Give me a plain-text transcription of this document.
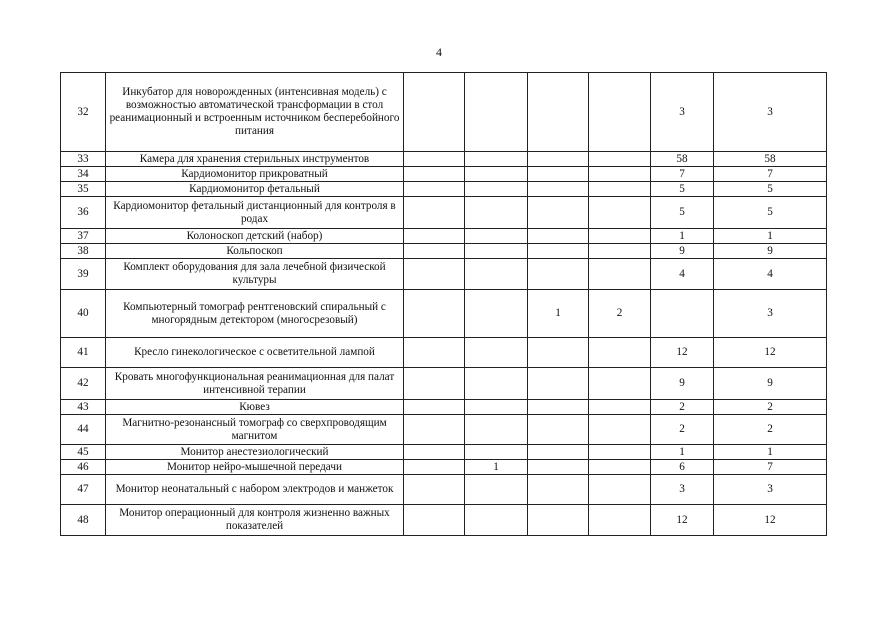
4
32	Инкубатор для новорожденных (интенсивная модель) с возможностью автоматической трансформации в стол реанимационный и встроенным источником бесперебойного питания					3	3
33	Камера для хранения стерильных инструментов					58	58
34	Кардиомонитор прикроватный					7	7
35	Кардиомонитор фетальный					5	5
36	Кардиомонитор фетальный дистанционный для контроля в родах					5	5
37	Колоноскоп детский (набор)					1	1
38	Кольпоскоп					9	9
39	Комплект оборудования для зала лечебной физической культуры					4	4
40	Компьютерный томограф рентгеновский спиральный с многорядным детектором (многосрезовый)			1	2		3
41	Кресло гинекологическое с осветительной лампой					12	12
42	Кровать многофункциональная реанимационная для палат интенсивной терапии					9	9
43	Кювез					2	2
44	Магнитно-резонансный томограф со сверхпроводящим магнитом					2	2
45	Монитор анестезиологический					1	1
46	Монитор нейро-мышечной передачи		1			6	7
47	Монитор неонатальный с набором электродов и манжеток					3	3
48	Монитор операционный для контроля жизненно важных показателей					12	12
